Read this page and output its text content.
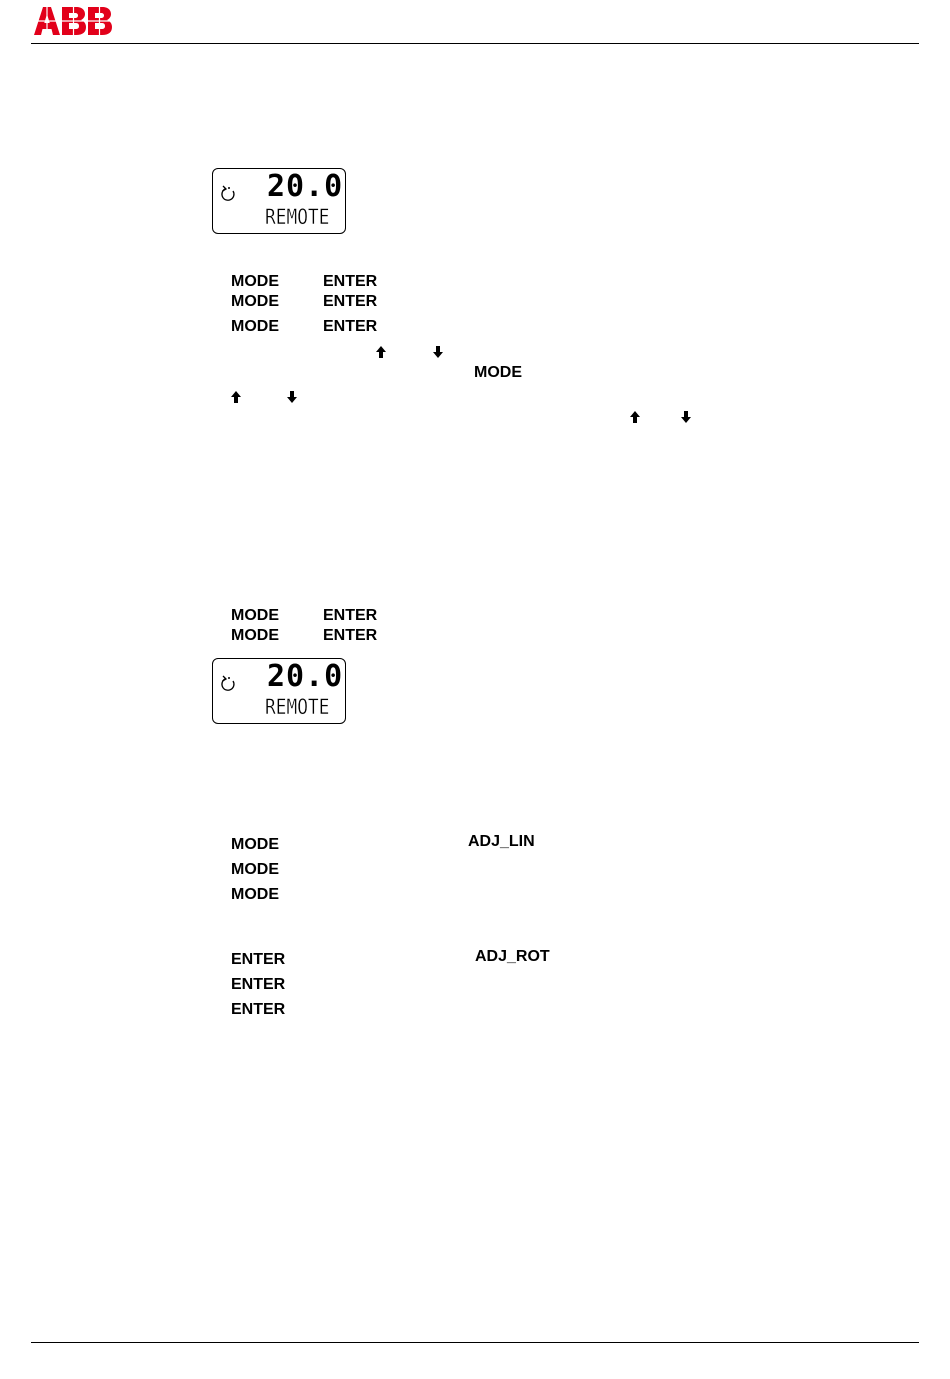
20.0
REMOTE
MODE	ENTER
MODE	ENTER
MODE	ENTER
MODE
MODE	ENTER
MODE	ENTER
20.0
REMOTE
MODE	ADJ_LIN
MODE
MODE
ENTER	ADJ_ROT
ENTER
ENTER
